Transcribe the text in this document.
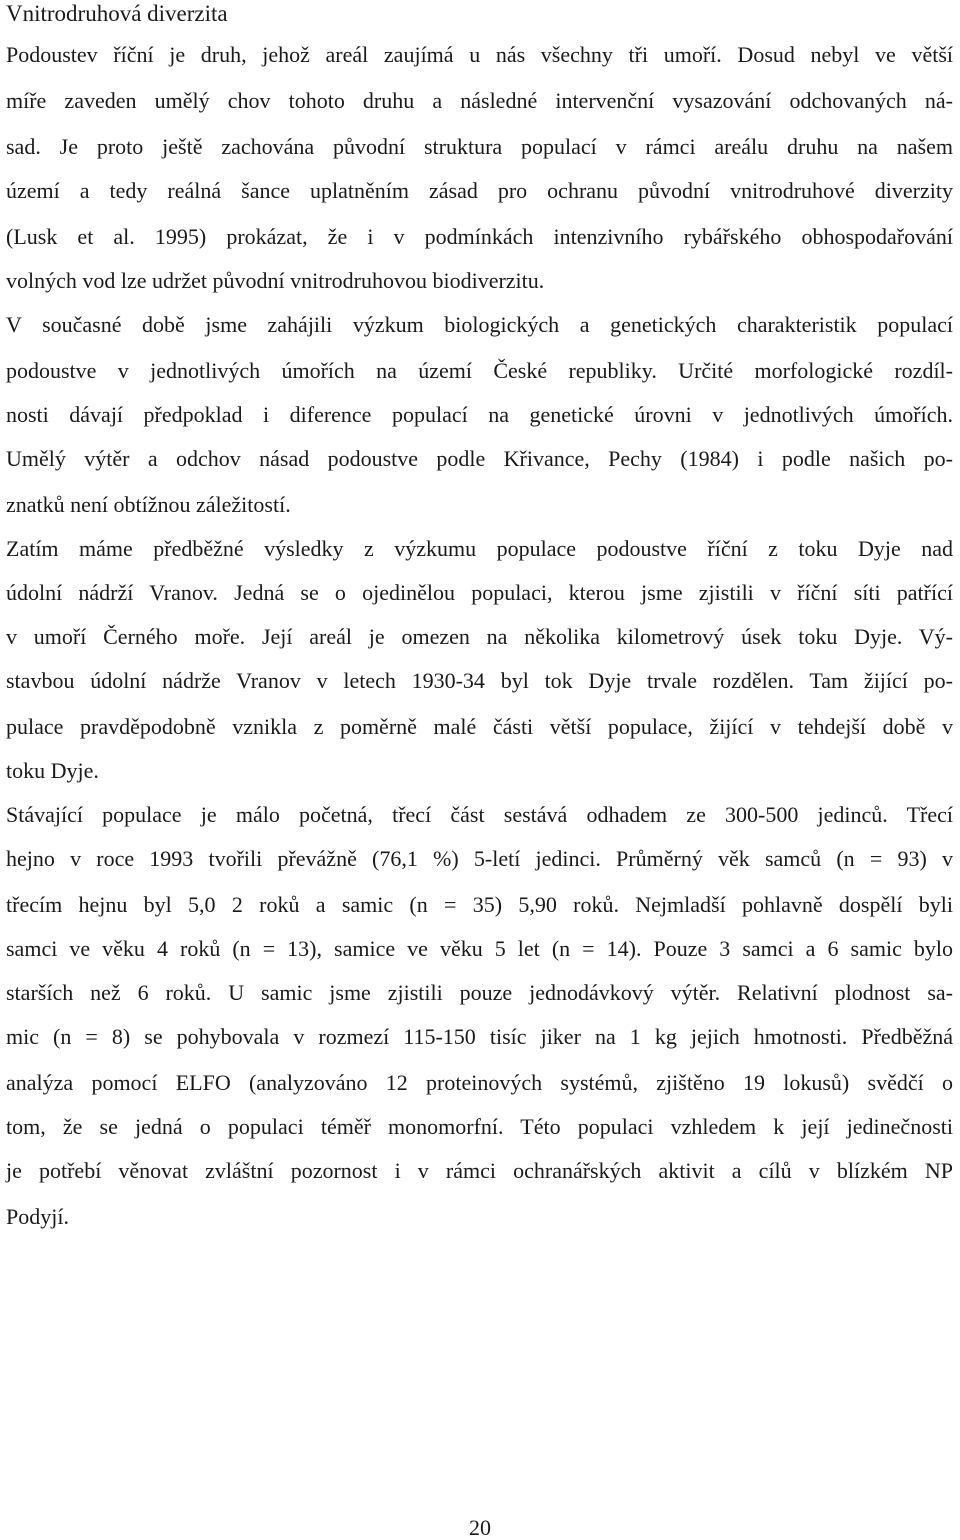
Vnitrodruhová diverzita
Podoustev říční je druh, jehož areál zaujímá u nás všechny tři umoří. Dosud nebyl ve větší
míře zaveden umělý chov tohoto druhu a následné intervenční vysazování odchovaných ná-
sad. Je proto ještě zachována původní struktura populací v rámci areálu druhu na našem
území a tedy reálná šance uplatněním zásad pro ochranu původní vnitrodruhové diverzity
(Lusk et al. 1995) prokázat, že i v podmínkách intenzivního rybářského obhospodařování
volných vod lze udržet původní vnitrodruhovou biodiverzitu.
V současné době jsme zahájili výzkum biologických a genetických charakteristik populací
podoustve v jednotlivých úmořích na území České republiky. Určité morfologické rozdíl-
nosti dávají předpoklad i diference populací na genetické úrovni v jednotlivých úmořích.
Umělý výtěr a odchov násad podoustve podle Křivance, Pechy (1984) i podle našich po-
znatků není obtížnou záležitostí.
Zatím máme předběžné výsledky z výzkumu populace podoustve říční z toku Dyje nad
údolní nádrží Vranov. Jedná se o ojedinělou populaci, kterou jsme zjistili v říční síti patřící
v umoří Černého moře. Její areál je omezen na několika kilometrový úsek toku Dyje. Vý-
stavbou údolní nádrže Vranov v letech 1930-34 byl tok Dyje trvale rozdělen. Tam žijící po-
pulace pravděpodobně vznikla z poměrně malé části větší populace, žijící v tehdejší době v
toku Dyje.
Stávající populace je málo početná, třecí část sestává odhadem ze 300-500 jedinců. Třecí
hejno v roce 1993 tvořili převážně (76,1 %) 5-letí jedinci. Průměrný věk samců (n = 93) v
třecím hejnu byl 5,0 2 roků a samic (n = 35) 5,90 roků. Nejmladší pohlavně dospělí byli
samci ve věku 4 roků (n = 13), samice ve věku 5 let (n = 14). Pouze 3 samci a 6 samic bylo
starších než 6 roků. U samic jsme zjistili pouze jednodávkový výtěr. Relativní plodnost sa-
mic (n = 8) se pohybovala v rozmezí 115-150 tisíc jiker na 1 kg jejich hmotnosti. Předběžná
analýza pomocí ELFO (analyzováno 12 proteinových systémů, zjištěno 19 lokusů) svědčí o
tom, že se jedná o populaci téměř monomorfní. Této populaci vzhledem k její jedinečnosti
je potřebí věnovat zvláštní pozornost i v rámci ochranářských aktivit a cílů v blízkém NP
Podyjí.
20
